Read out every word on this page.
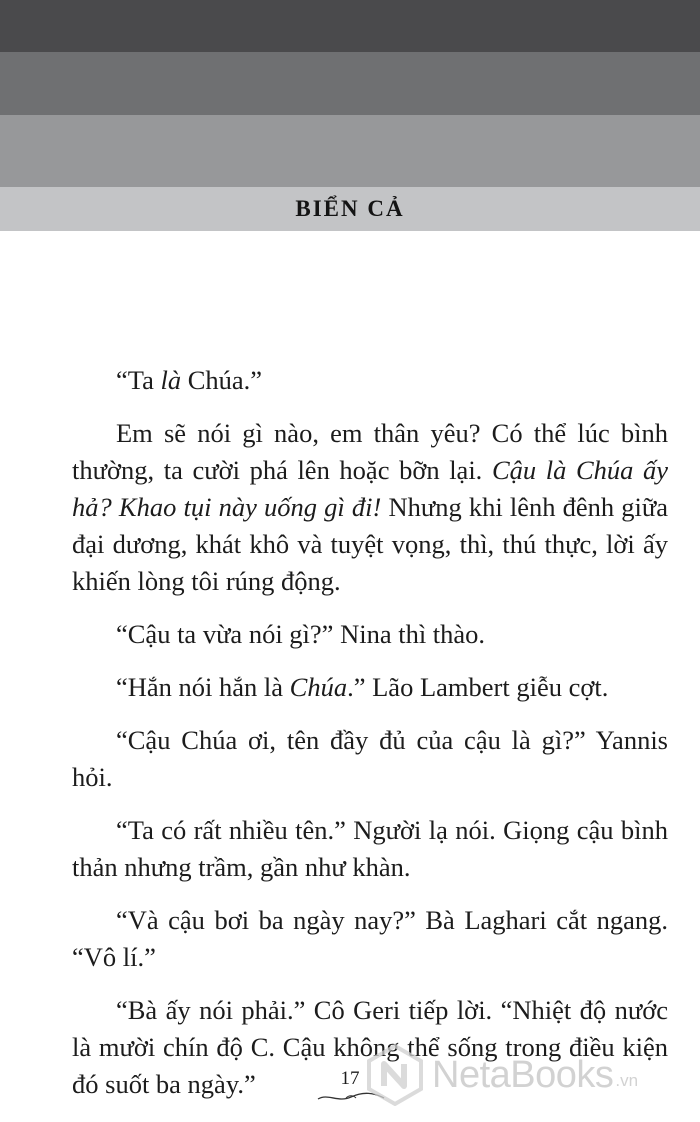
BIỂN CẢ

“Ta là Chúa.”

Em sẽ nói gì nào, em thân yêu? Có thể lúc bình thường, ta cười phá lên hoặc bỡn lại. Cậu là Chúa ấy hả? Khao tụi này uống gì đi! Nhưng khi lênh đênh giữa đại dương, khát khô và tuyệt vọng, thì, thú thực, lời ấy khiến lòng tôi rúng động.

“Cậu ta vừa nói gì?” Nina thì thào.

“Hắn nói hắn là Chúa.” Lão Lambert giễu cợt.

“Cậu Chúa ơi, tên đầy đủ của cậu là gì?” Yannis hỏi.

“Ta có rất nhiều tên.” Người lạ nói. Giọng cậu bình thản nhưng trầm, gần như khàn.

“Và cậu bơi ba ngày nay?” Bà Laghari cắt ngang. “Vô lí.”

“Bà ấy nói phải.” Cô Geri tiếp lời. “Nhiệt độ nước là mười chín độ C. Cậu không thể sống trong điều kiện đó suốt ba ngày.”	17	NetaBooks .vn
